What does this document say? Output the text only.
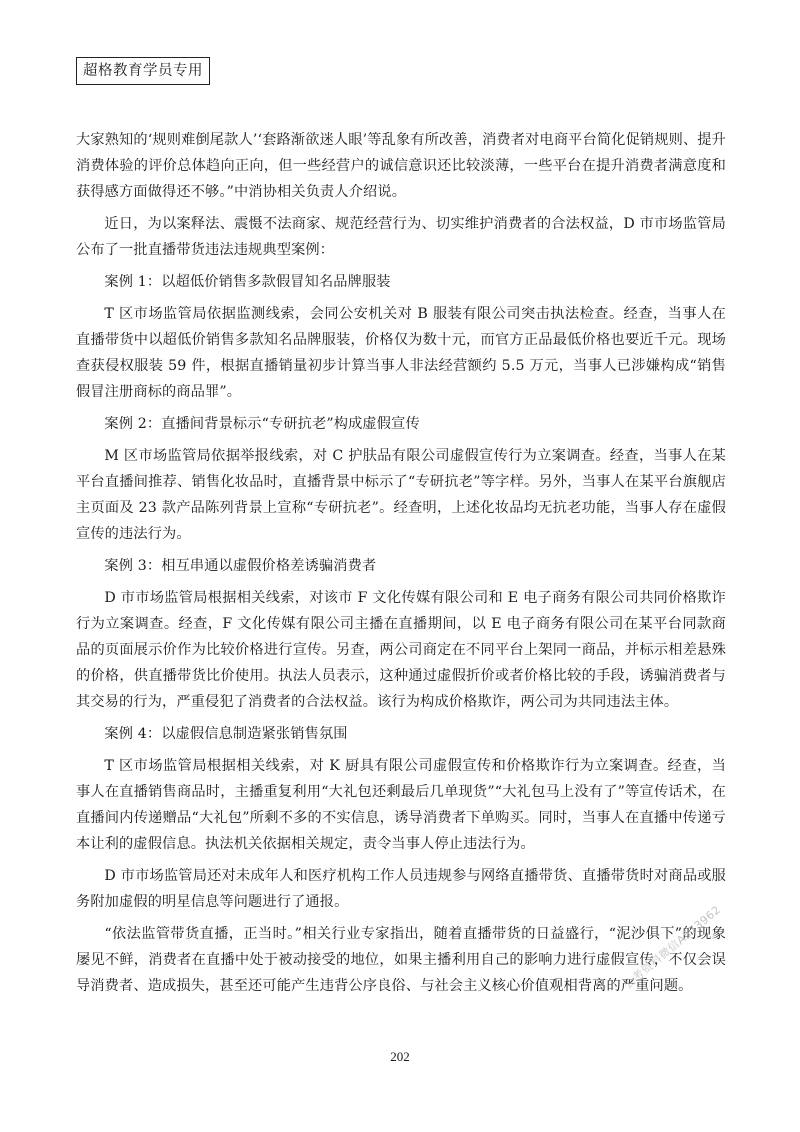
超格教育学员专用

大家熟知的‘规则难倒尾款人’‘套路渐欲迷人眼’等乱象有所改善，消费者对电商平台简化促销规则、提升消费体验的评价总体趋向正向，但一些经营户的诚信意识还比较淡薄，一些平台在提升消费者满意度和获得感方面做得还不够。”中消协相关负责人介绍说。

近日，为以案释法、震慑不法商家、规范经营行为、切实维护消费者的合法权益，D 市市场监管局公布了一批直播带货违法违规典型案例：

案例 1：以超低价销售多款假冒知名品牌服装

T 区市场监管局依据监测线索，会同公安机关对 B 服装有限公司突击执法检查。经查，当事人在直播带货中以超低价销售多款知名品牌服装，价格仅为数十元，而官方正品最低价格也要近千元。现场查获侵权服装 59 件，根据直播销量初步计算当事人非法经营额约 5.5 万元，当事人已涉嫌构成“销售假冒注册商标的商品罪”。

案例 2：直播间背景标示“专研抗老”构成虚假宣传

M 区市场监管局依据举报线索，对 C 护肤品有限公司虚假宣传行为立案调查。经查，当事人在某平台直播间推荐、销售化妆品时，直播背景中标示了“专研抗老”等字样。另外，当事人在某平台旗舰店主页面及 23 款产品陈列背景上宣称“专研抗老”。经查明，上述化妆品均无抗老功能，当事人存在虚假宣传的违法行为。

案例 3：相互串通以虚假价格差诱骗消费者

D 市市场监管局根据相关线索，对该市 F 文化传媒有限公司和 E 电子商务有限公司共同价格欺诈行为立案调查。经查，F 文化传媒有限公司主播在直播期间，以 E 电子商务有限公司在某平台同款商品的页面展示价作为比较价格进行宣传。另查，两公司商定在不同平台上架同一商品，并标示相差悬殊的价格，供直播带货比价使用。执法人员表示，这种通过虚假折价或者价格比较的手段，诱骗消费者与其交易的行为，严重侵犯了消费者的合法权益。该行为构成价格欺诈，两公司为共同违法主体。

案例 4：以虚假信息制造紧张销售氛围

T 区市场监管局根据相关线索，对 K 厨具有限公司虚假宣传和价格欺诈行为立案调查。经查，当事人在直播销售商品时，主播重复利用“大礼包还剩最后几单现货”“大礼包马上没有了”等宣传话术，在直播间内传递赠品“大礼包”所剩不多的不实信息，诱导消费者下单购买。同时，当事人在直播中传递亏本让利的虚假信息。执法机关依据相关规定，责令当事人停止违法行为。

D 市市场监管局还对未成年人和医疗机构工作人员违规参与网络直播带货、直播带货时对商品或服务附加虚假的明星信息等问题进行了通报。

“依法监管带货直播，正当时。”相关行业专家指出，随着直播带货的日益盛行，“泥沙俱下”的现象屡见不鲜，消费者在直播中处于被动接受的地位，如果主播利用自己的影响力进行虚假宣传，不仅会误导消费者、造成损失，甚至还可能产生违背公序良俗、与社会主义核心价值观相背离的严重问题。

公考资料微信A573962
202
